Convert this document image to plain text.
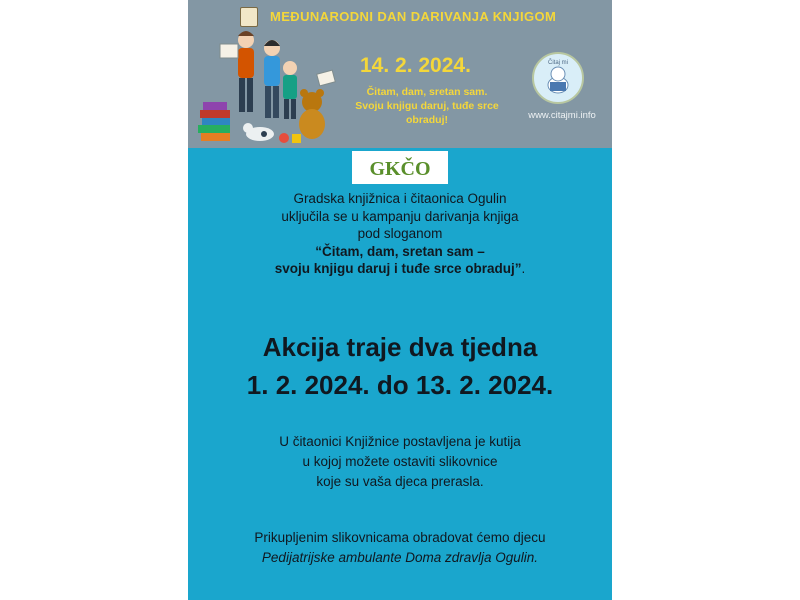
MEĐUNARODNI DAN DARIVANJA KNJIGOM
14. 2. 2024.
Čitam, dam, sretan sam.
Svoju knjigu daruj, tuđe srce
obraduj!
Čitaj mi
www.citajmi.info
GKČO
Gradska knjižnica i čitaonica Ogulin
uključila se u kampanju darivanja knjiga
pod sloganom
“Čitam, dam, sretan sam –
svoju knjigu daruj i tuđe srce obraduj”.
Akcija traje dva tjedna
1. 2. 2024. do 13. 2. 2024.
U čitaonici Knjižnice postavljena je kutija
u kojoj možete ostaviti slikovnice
koje su vaša djeca prerasla.
Prikupljenim slikovnicama obradovat ćemo djecu
Pedijatrijske ambulante Doma zdravlja Ogulin.
